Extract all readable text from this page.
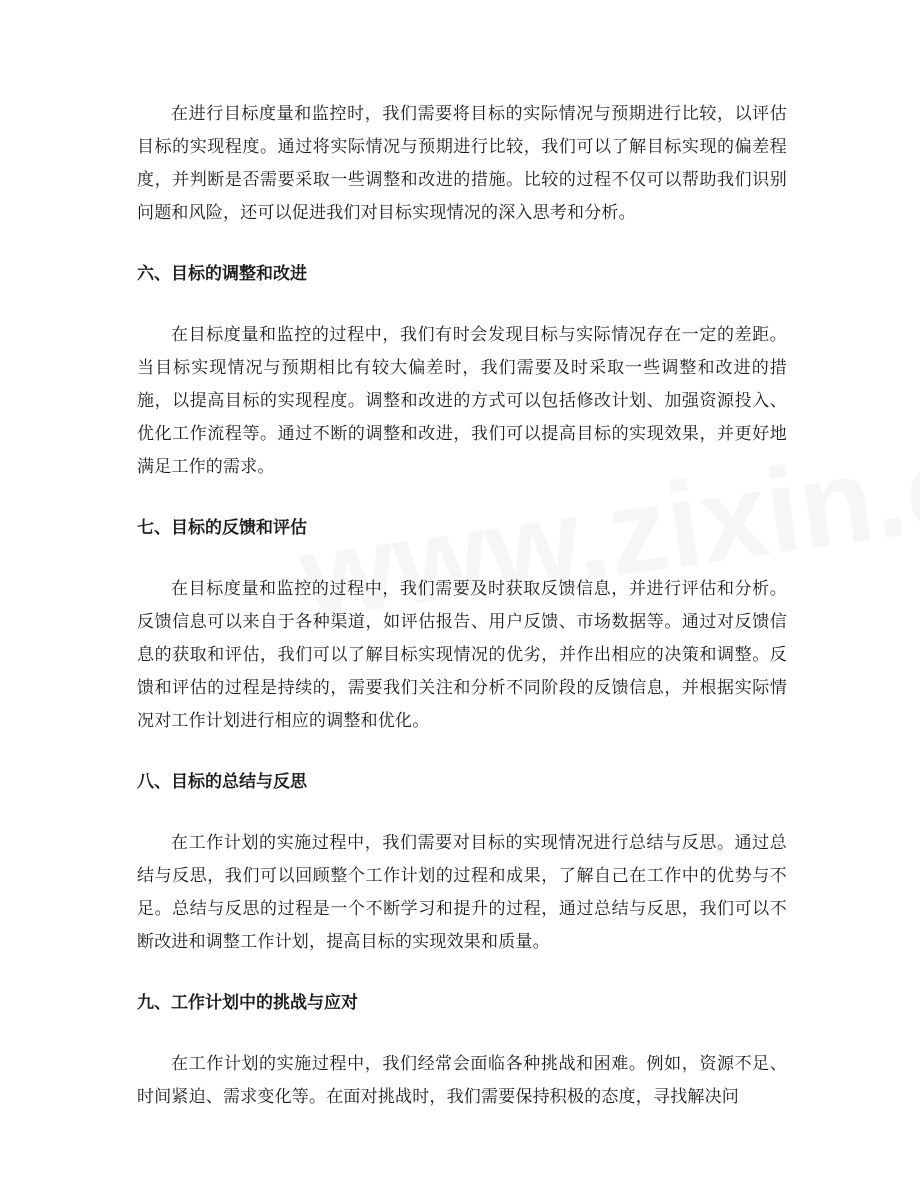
在进行目标度量和监控时，我们需要将目标的实际情况与预期进行比较，以评估目标的实现程度。通过将实际情况与预期进行比较，我们可以了解目标实现的偏差程度，并判断是否需要采取一些调整和改进的措施。比较的过程不仅可以帮助我们识别问题和风险，还可以促进我们对目标实现情况的深入思考和分析。

六、目标的调整和改进

在目标度量和监控的过程中，我们有时会发现目标与实际情况存在一定的差距。当目标实现情况与预期相比有较大偏差时，我们需要及时采取一些调整和改进的措施，以提高目标的实现程度。调整和改进的方式可以包括修改计划、加强资源投入、优化工作流程等。通过不断的调整和改进，我们可以提高目标的实现效果，并更好地满足工作的需求。

七、目标的反馈和评估

在目标度量和监控的过程中，我们需要及时获取反馈信息，并进行评估和分析。反馈信息可以来自于各种渠道，如评估报告、用户反馈、市场数据等。通过对反馈信息的获取和评估，我们可以了解目标实现情况的优劣，并作出相应的决策和调整。反馈和评估的过程是持续的，需要我们关注和分析不同阶段的反馈信息，并根据实际情况对工作计划进行相应的调整和优化。

八、目标的总结与反思

在工作计划的实施过程中，我们需要对目标的实现情况进行总结与反思。通过总结与反思，我们可以回顾整个工作计划的过程和成果，了解自己在工作中的优势与不足。总结与反思的过程是一个不断学习和提升的过程，通过总结与反思，我们可以不断改进和调整工作计划，提高目标的实现效果和质量。

九、工作计划中的挑战与应对

在工作计划的实施过程中，我们经常会面临各种挑战和困难。例如，资源不足、时间紧迫、需求变化等。在面对挑战时，我们需要保持积极的态度，寻找解决问
